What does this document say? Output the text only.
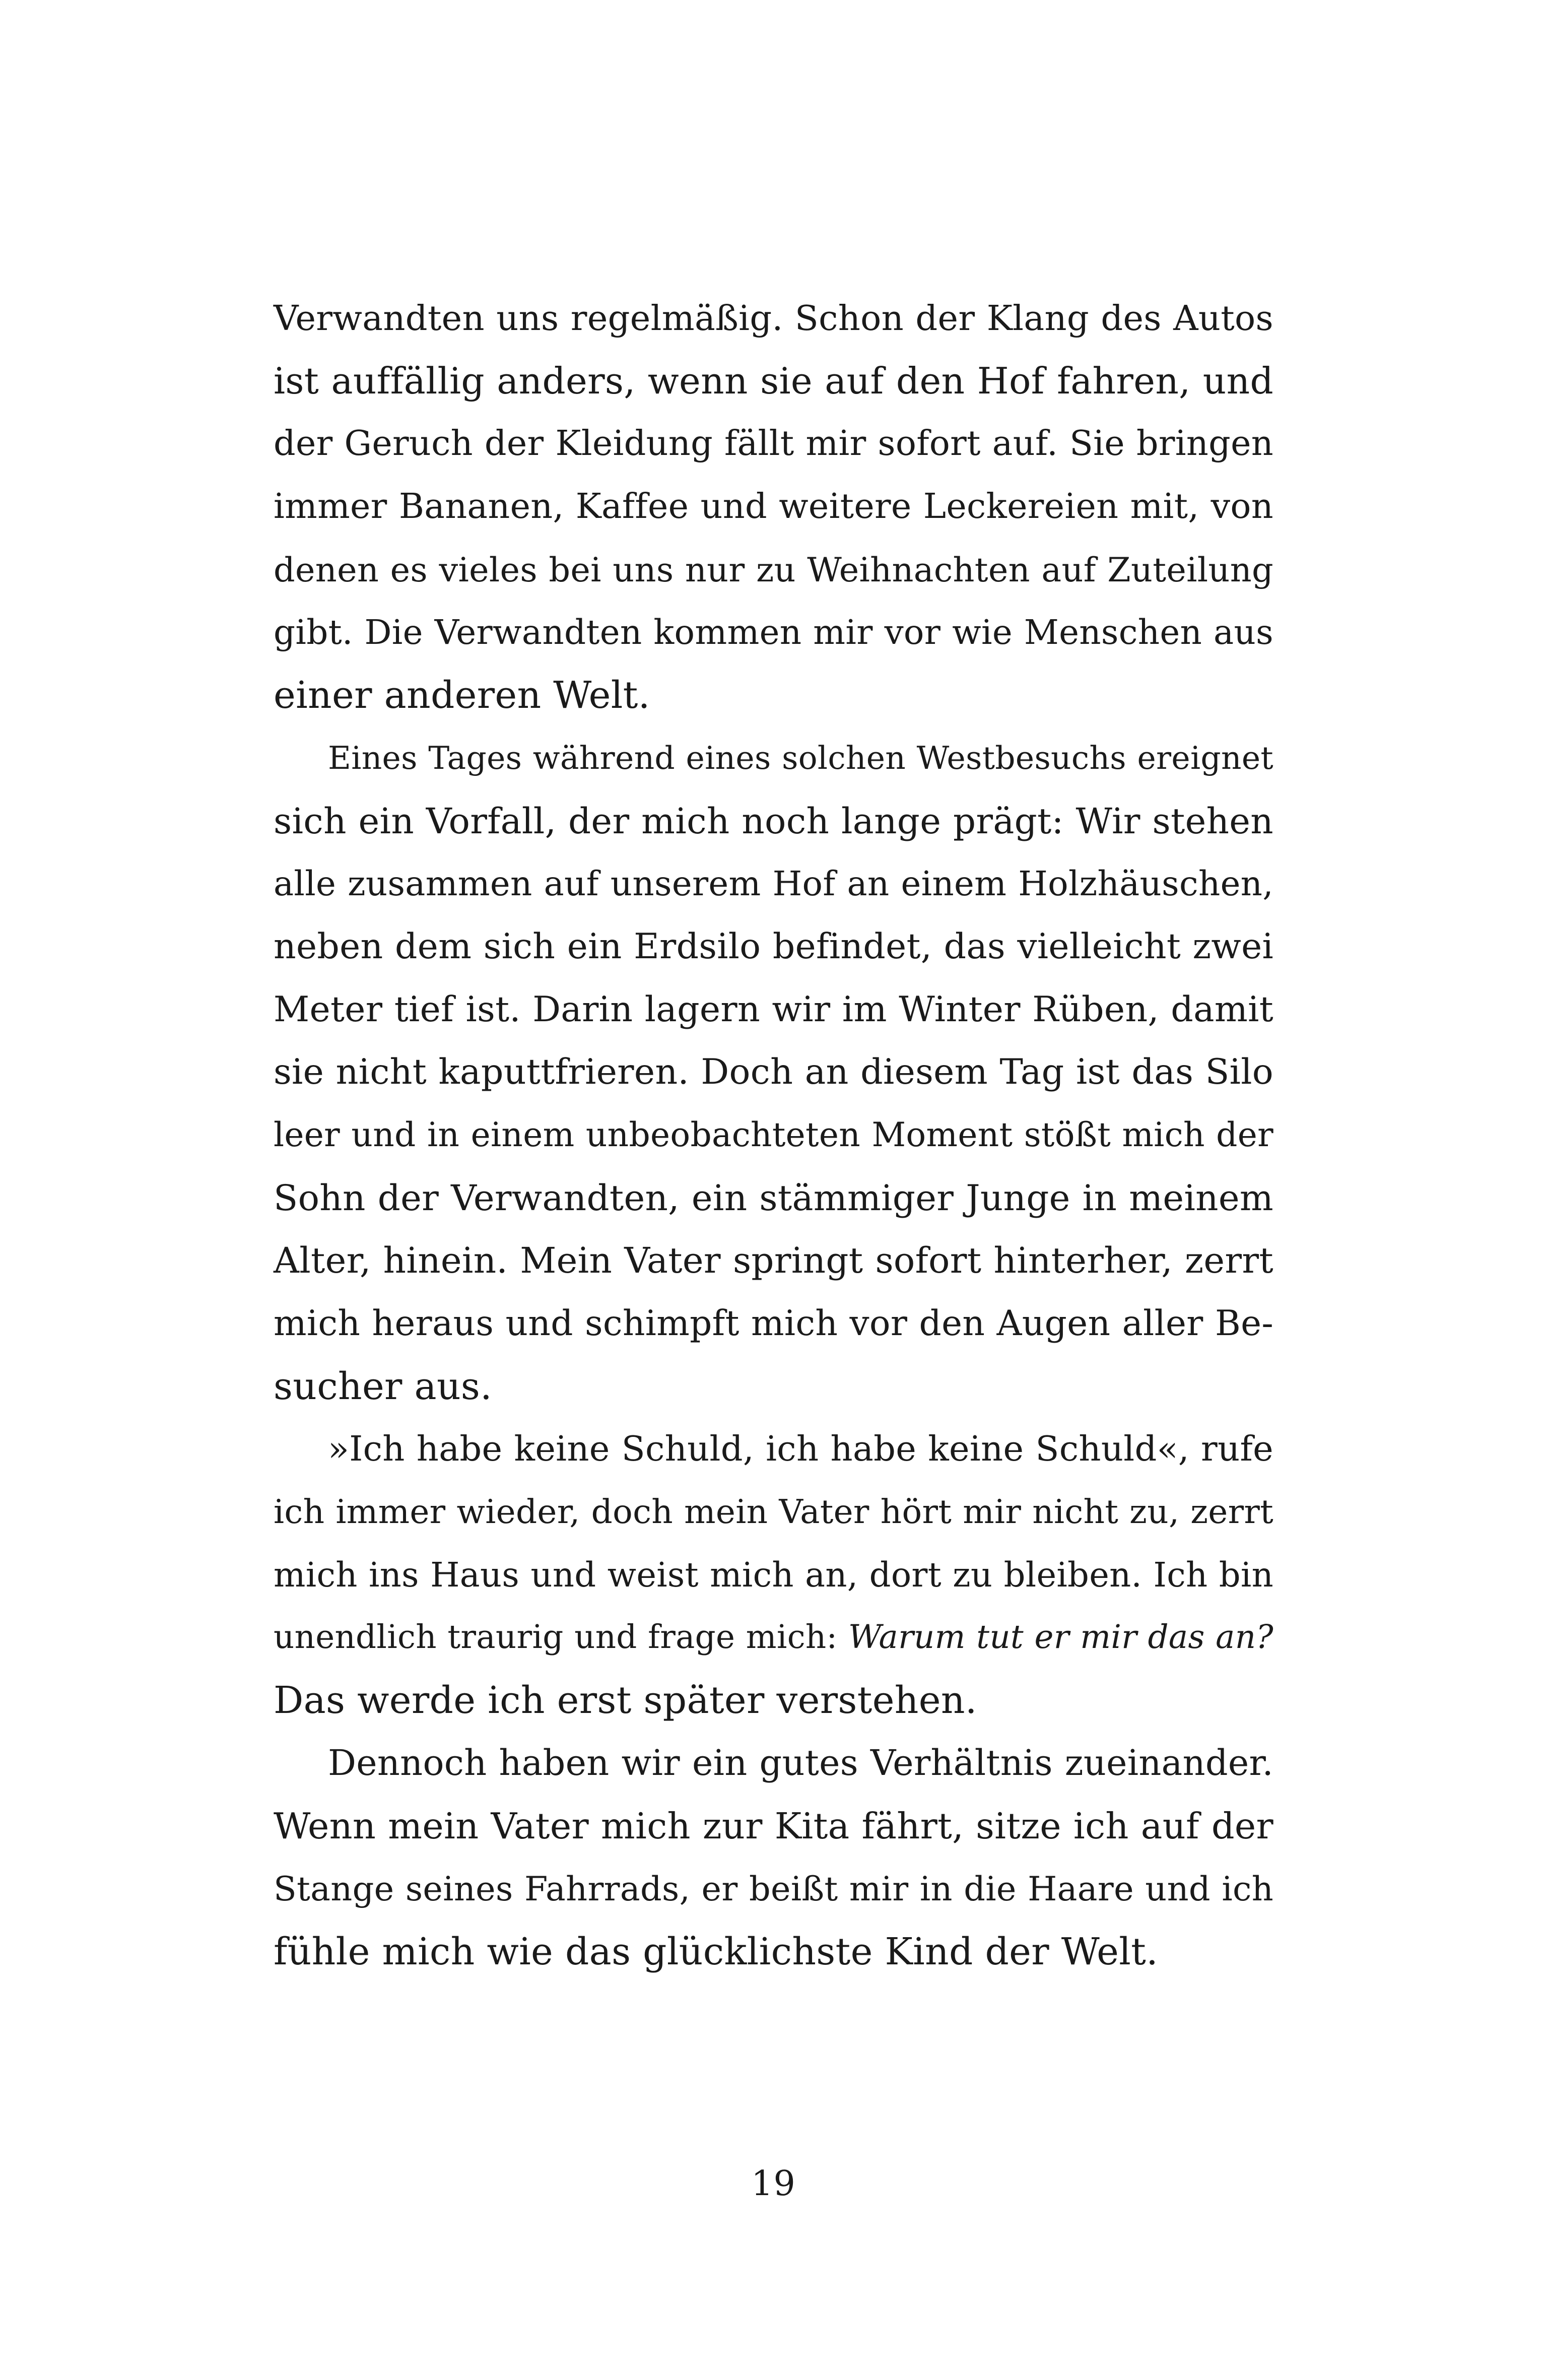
Verwandten uns regelmäßig. Schon der Klang des Autos
ist auffällig anders, wenn sie auf den Hof fahren, und
der Geruch der Kleidung fällt mir sofort auf. Sie bringen
immer Bananen, Kaffee und weitere Leckereien mit, von
denen es vieles bei uns nur zu Weihnachten auf Zuteilung
gibt. Die Verwandten kommen mir vor wie Menschen aus
einer anderen Welt.
Eines Tages während eines solchen Westbesuchs ereignet
sich ein Vorfall, der mich noch lange prägt: Wir stehen
alle zusammen auf unserem Hof an einem Holzhäuschen,
neben dem sich ein Erdsilo befindet, das vielleicht zwei
Meter tief ist. Darin lagern wir im Winter Rüben, damit
sie nicht kaputtfrieren. Doch an diesem Tag ist das Silo
leer und in einem unbeobachteten Moment stößt mich der
Sohn der Verwandten, ein stämmiger Junge in meinem
Alter, hinein. Mein Vater springt sofort hinterher, zerrt
mich heraus und schimpft mich vor den Augen aller Be-
sucher aus.
»Ich habe keine Schuld, ich habe keine Schuld«, rufe
ich immer wieder, doch mein Vater hört mir nicht zu, zerrt
mich ins Haus und weist mich an, dort zu bleiben. Ich bin
unendlich traurig und frage mich: Warum tut er mir das an?
Das werde ich erst später verstehen.
Dennoch haben wir ein gutes Verhältnis zueinander.
Wenn mein Vater mich zur Kita fährt, sitze ich auf der
Stange seines Fahrrads, er beißt mir in die Haare und ich
fühle mich wie das glücklichste Kind der Welt.
19
